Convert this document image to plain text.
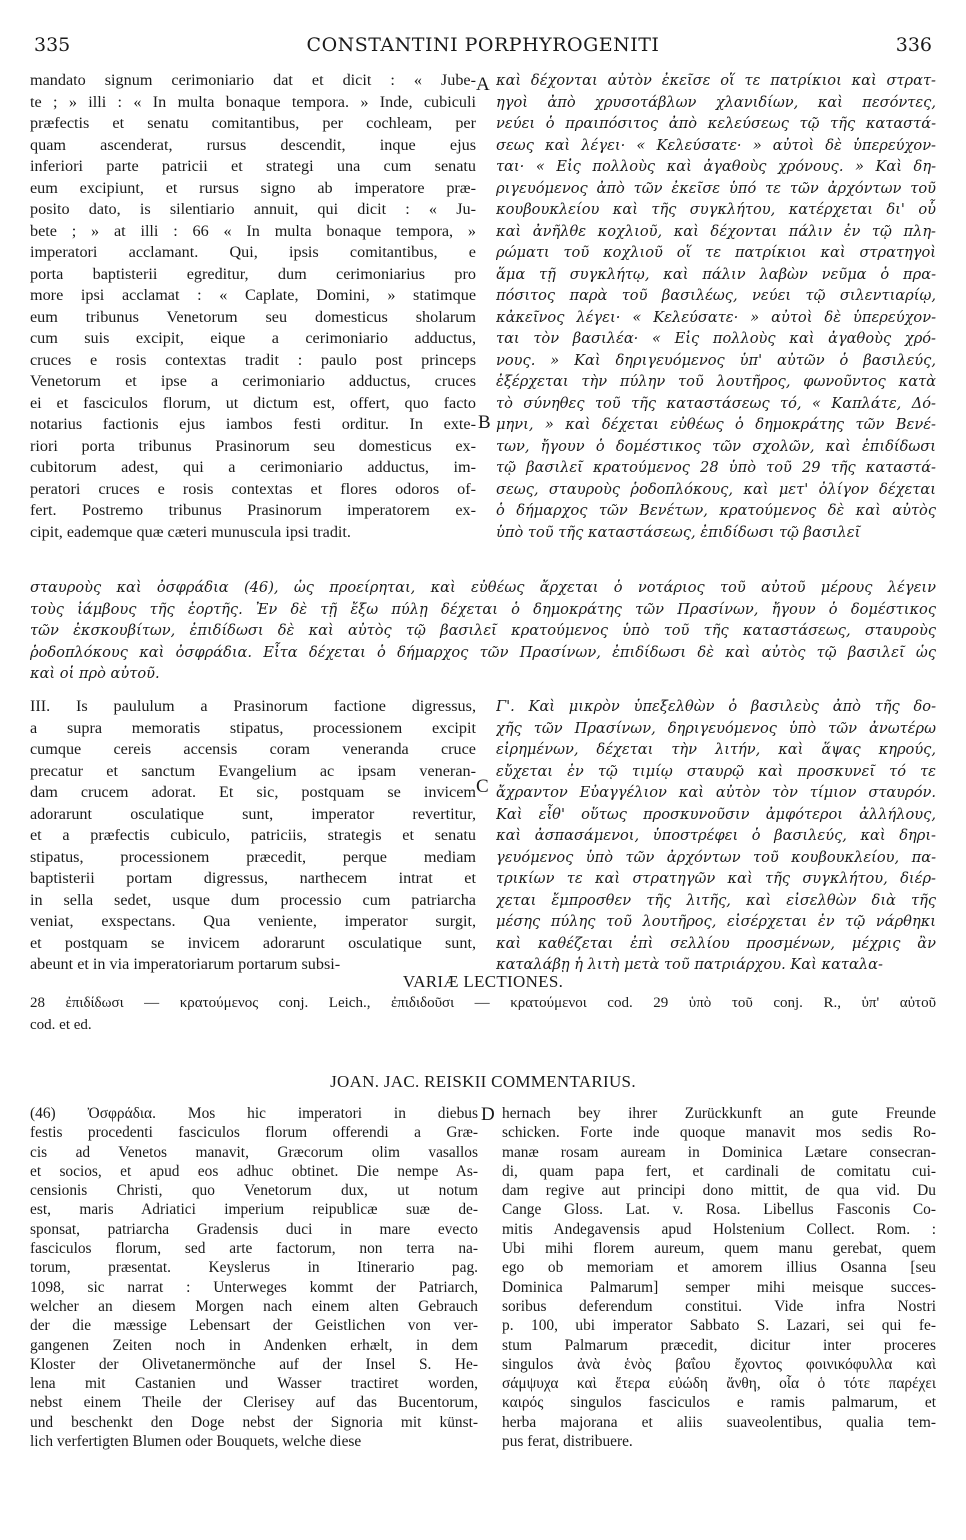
335	CONSTANTINI PORPHYROGENITI	336
A
B
C
D
mandato signum cerimoniario dat et dicit : « Jube-
te ; » illi : « In multa bonaque tempora. » Inde, cubiculi
præfectis et senatu comitantibus, per cochleam, per
quam ascenderat, rursus descendit, inque ejus
inferiori parte patricii et strategi una cum senatu
eum excipiunt, et rursus signo ab imperatore præ-
posito dato, is silentiario annuit, qui dicit : « Ju-
bete ; » at illi : 66 « In multa bonaque tempora, »
imperatori acclamant. Qui, ipsis comitantibus, e
porta baptisterii egreditur, dum cerimoniarius pro
more ipsi acclamat : « Caplate, Domini, » statimque
eum tribunus Venetorum seu domesticus sholarum
cum suis excipit, eique a cerimoniario adductus,
cruces e rosis contextas tradit : paulo post princeps
Venetorum et ipse a cerimoniario adductus, cruces
ei et fasciculos florum, ut dictum est, offert, quo facto
notarius factionis ejus iambos festi orditur. In exte-
riori porta tribunus Prasinorum seu domesticus ex-
cubitorum adest, qui a cerimoniario adductus, im-
peratori cruces e rosis contextas et flores odoros of-
fert. Postremo tribunus Prasinorum imperatorem ex-
cipit, eademque quæ cæteri munuscula ipsi tradit.
καὶ δέχονται αὐτὸν ἐκεῖσε οἵ τε πατρίκιοι καὶ στρατ-
ηγοὶ ἀπὸ χρυσοτάβλων χλανιδίων, καὶ πεσόντες,
νεύει ὁ πραιπόσιτος ἀπὸ κελεύσεως τῷ τῆς καταστά-
σεως καὶ λέγει· « Κελεύσατε· » αὐτοὶ δὲ ὑπερεύχον-
ται· « Εἰς πολλοὺς καὶ ἀγαθοὺς χρόνους. » Καὶ δη-
ριγευόμενος ἀπὸ τῶν ἐκεῖσε ὑπό τε τῶν ἀρχόντων τοῦ
κουβουκλείου καὶ τῆς συγκλήτου, κατέρχεται δι' οὗ
καὶ ἀνῆλθε κοχλιοῦ, καὶ δέχονται πάλιν ἐν τῷ πλη-
ρώματι τοῦ κοχλιοῦ οἵ τε πατρίκιοι καὶ στρατηγοὶ
ἅμα τῇ συγκλήτῳ, καὶ πάλιν λαβὼν νεῦμα ὁ πρα-
πόσιτος παρὰ τοῦ βασιλέως, νεύει τῷ σιλεντιαρίῳ,
κἀκεῖνος λέγει· « Κελεύσατε· » αὐτοὶ δὲ ὑπερεύχον-
ται τὸν βασιλέα· « Εἰς πολλοὺς καὶ ἀγαθοὺς χρό-
νους. » Καὶ δηριγευόμενος ὑπ' αὐτῶν ὁ βασιλεύς,
ἐξέρχεται τὴν πύλην τοῦ λουτῆρος, φωνοῦντος κατὰ
τὸ σύνηθες τοῦ τῆς καταστάσεως τό, « Καπλάτε, Δό-
μηνι, » καὶ δέχεται εὐθέως ὁ δημοκράτης τῶν Βενέ-
των, ἤγουν ὁ δομέστικος τῶν σχολῶν, καὶ ἐπιδίδωσι
τῷ βασιλεῖ κρατούμενος 28 ὑπὸ τοῦ 29 τῆς καταστά-
σεως, σταυροὺς ῥοδοπλόκους, καὶ μετ' ὀλίγον δέχεται
ὁ δήμαρχος τῶν Βενέτων, κρατούμενος δὲ καὶ αὐτὸς
ὑπὸ τοῦ τῆς καταστάσεως, ἐπιδίδωσι τῷ βασιλεῖ
σταυροὺς καὶ ὀσφράδια (46), ὡς προείρηται, καὶ εὐθέως ἄρχεται ὁ νοτάριος τοῦ αὐτοῦ μέρους λέγειν
τοὺς ἰάμβους τῆς ἑορτῆς. Ἐν δὲ τῇ ἔξω πύλῃ δέχεται ὁ δημοκράτης τῶν Πρασίνων, ἤγουν ὁ δομέστικος
τῶν ἐκσκουβίτων, ἐπιδίδωσι δὲ καὶ αὐτὸς τῷ βασιλεῖ κρατούμενος ὑπὸ τοῦ τῆς καταστάσεως, σταυροὺς
ῥοδοπλόκους καὶ ὀσφράδια. Εἶτα δέχεται ὁ δήμαρχος τῶν Πρασίνων, ἐπιδίδωσι δὲ καὶ αὐτὸς τῷ βασιλεῖ ὡς
καὶ οἱ πρὸ αὐτοῦ.
III. Is paululum a Prasinorum factione digressus,
a supra memoratis stipatus, processionem excipit
cumque cereis accensis coram veneranda cruce
precatur et sanctum Evangelium ac ipsam veneran-
dam crucem adorat. Et sic, postquam se invicem
adorarunt osculatique sunt, imperator revertitur,
et a præfectis cubiculo, patriciis, strategis et senatu
stipatus, processionem præcedit, perque mediam
baptisterii portam digressus, narthecem intrat et
in sella sedet, usque dum processio cum patriarcha
veniat, exspectans. Qua veniente, imperator surgit,
et postquam se invicem adorarunt osculatique sunt,
abeunt et in via imperatoriarum portarum subsi-
Γ'. Καὶ μικρὸν ὑπεξελθὼν ὁ βασιλεὺς ἀπὸ τῆς δο-
χῆς τῶν Πρασίνων, δηριγευόμενος ὑπὸ τῶν ἀνωτέρω
εἰρημένων, δέχεται τὴν λιτήν, καὶ ἅψας κηρούς,
εὔχεται ἐν τῷ τιμίῳ σταυρῷ καὶ προσκυνεῖ τό τε
ἄχραντον Εὐαγγέλιον καὶ αὐτὸν τὸν τίμιον σταυρόν.
Καὶ εἶθ' οὕτως προσκυνοῦσιν ἀμφότεροι ἀλλήλους,
καὶ ἀσπασάμενοι, ὑποστρέφει ὁ βασιλεύς, καὶ δηρι-
γευόμενος ὑπὸ τῶν ἀρχόντων τοῦ κουβουκλείου, πα-
τρικίων τε καὶ στρατηγῶν καὶ τῆς συγκλήτου, διέρ-
χεται ἔμπροσθεν τῆς λιτῆς, καὶ εἰσελθὼν διὰ τῆς
μέσης πύλης τοῦ λουτῆρος, εἰσέρχεται ἐν τῷ νάρθηκι
καὶ καθέζεται ἐπὶ σελλίου προσμένων, μέχρις ἂν
καταλάβῃ ἡ λιτὴ μετὰ τοῦ πατριάρχου. Καὶ καταλα-
VARIÆ LECTIONES.
28 ἐπιδίδωσι — κρατούμενος conj. Leich., ἐπιδιδοῦσι — κρατούμενοι cod. 29 ὑπὸ τοῦ conj. R., ὑπ' αὐτοῦ
cod. et ed.
JOAN. JAC. REISKII COMMENTARIUS.
(46) Ὀσφράδια. Mos hic imperatori in diebus
festis procedenti fasciculos florum offerendi a Græ-
cis ad Venetos manavit, Græcorum olim vasallos
et socios, et apud eos adhuc obtinet. Die nempe As-
censionis Christi, quo Venetorum dux, ut notum
est, maris Adriatici imperium reipublicæ suæ de-
sponsat, patriarcha Gradensis duci in mare evecto
fasciculos florum, sed arte factorum, non terra na-
torum, præsentat. Keyslerus in Itinerario pag.
1098, sic narrat : Unterweges kommt der Patriarch,
welcher an diesem Morgen nach einem alten Gebrauch
der die mæssige Lebensart der Geistlichen von ver-
gangenen Zeiten noch in Andenken erhælt, in dem
Kloster der Olivetanermönche auf der Insel S. He-
lena mit Castanien und Wasser tractiret worden,
nebst einem Theile der Clerisey auf das Bucentorum,
und beschenkt den Doge nebst der Signoria mit künst-
lich verfertigten Blumen oder Bouquets, welche diese
hernach bey ihrer Zurückkunft an gute Freunde
schicken. Forte inde quoque manavit mos sedis Ro-
manæ rosam auream in Dominica Lætare consecran-
di, quam papa fert, et cardinali de comitatu cui-
dam regive aut principi dono mittit, de qua vid. Du
Cange Gloss. Lat. v. Rosa. Libellus Fasconis Co-
mitis Andegavensis apud Holstenium Collect. Rom. :
Ubi mihi florem aureum, quem manu gerebat, quem
ego ob memoriam et amorem illius Osanna [seu
Dominica Palmarum] semper mihi meisque succes-
soribus deferendum constitui. Vide infra Nostri
p. 100, ubi imperator Sabbato S. Lazari, sei qui fe-
stum Palmarum præcedit, dicitur inter proceres
singulos ἀνὰ ἑνὸς βαΐου ἔχοντος φοινικόφυλλα καὶ
σάμψυχα καὶ ἕτερα εὐώδη ἄνθη, οἷα ὁ τότε παρέχει
καιρός singulos fasciculos e ramis palmarum, et
herba majorana et aliis suaveolentibus, qualia tem-
pus ferat, distribuere.
